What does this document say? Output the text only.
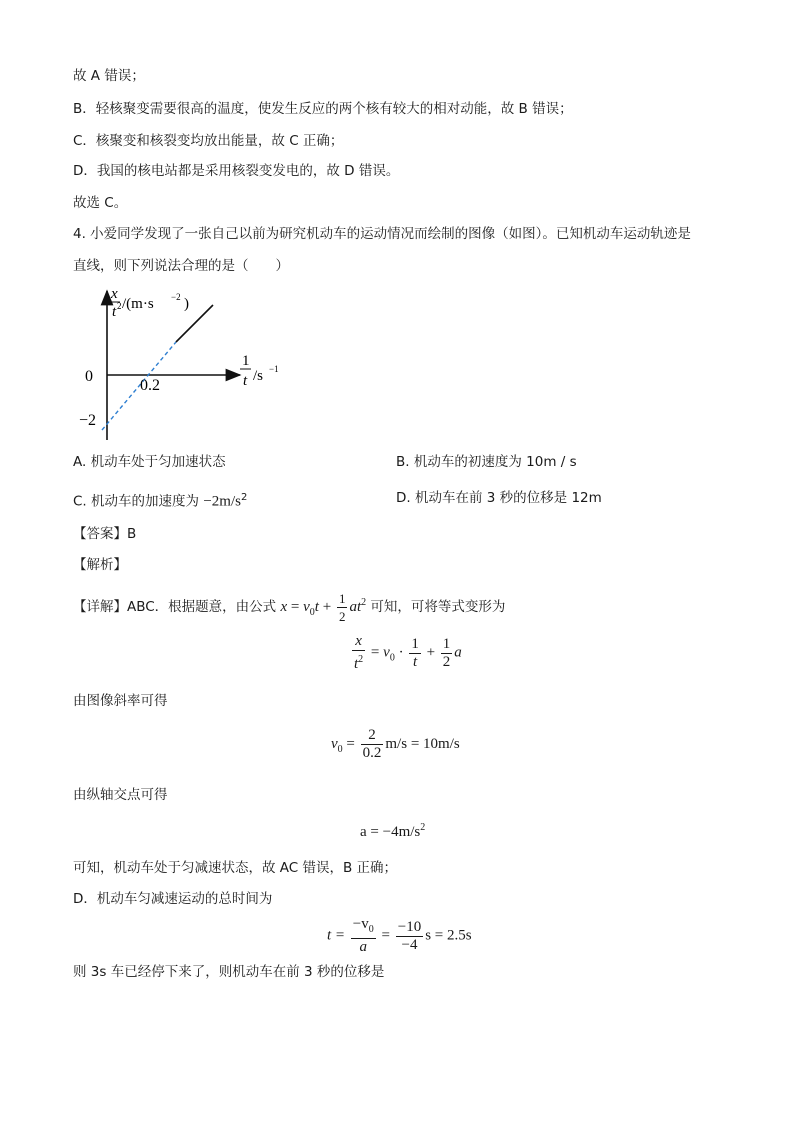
故 A 错误；
B．轻核聚变需要很高的温度，使发生反应的两个核有较大的相对动能，故 B 错误；
C．核聚变和核裂变均放出能量，故 C 正确；
D．我国的核电站都是采用核裂变发电的，故 D 错误。
故选 C。
4. 小爱同学发现了一张自己以前为研究机动车的运动情况而绘制的图像（如图）。已知机动车运动轨迹是
直线，则下列说法合理的是（　　）
x
t 2 /(m·s −2 )
1
t /s −1
0
0.2
−2
A. 机动车处于匀加速状态	B. 机动车的初速度为 10m / s
C. 机动车的加速度为 $-2m/s^2$	D. 机动车在前 3 秒的位移是 12m
【答案】B
【解析】
【详解】ABC．根据题意，由公式 $x = v_0t + \frac{1}{2} at^2$ 可知，可将等式变形为
$\frac{x}{t^2} = v_0 \cdot \frac{1}{t} + \frac{1}{2}$ a
由图像斜率可得
$v_0 = \frac{2}{0.2} m/s = 10m/s$
由纵轴交点可得
$a = -4m/s^2$
可知，机动车处于匀减速状态，故 AC 错误，B 正确；
D．机动车匀减速运动的总时间为
$t = \frac{-v_0}{a} = \frac{-10}{-4}$ s = 2.5s
则 3s 车已经停下来了，则机动车在前 3 秒的位移是
